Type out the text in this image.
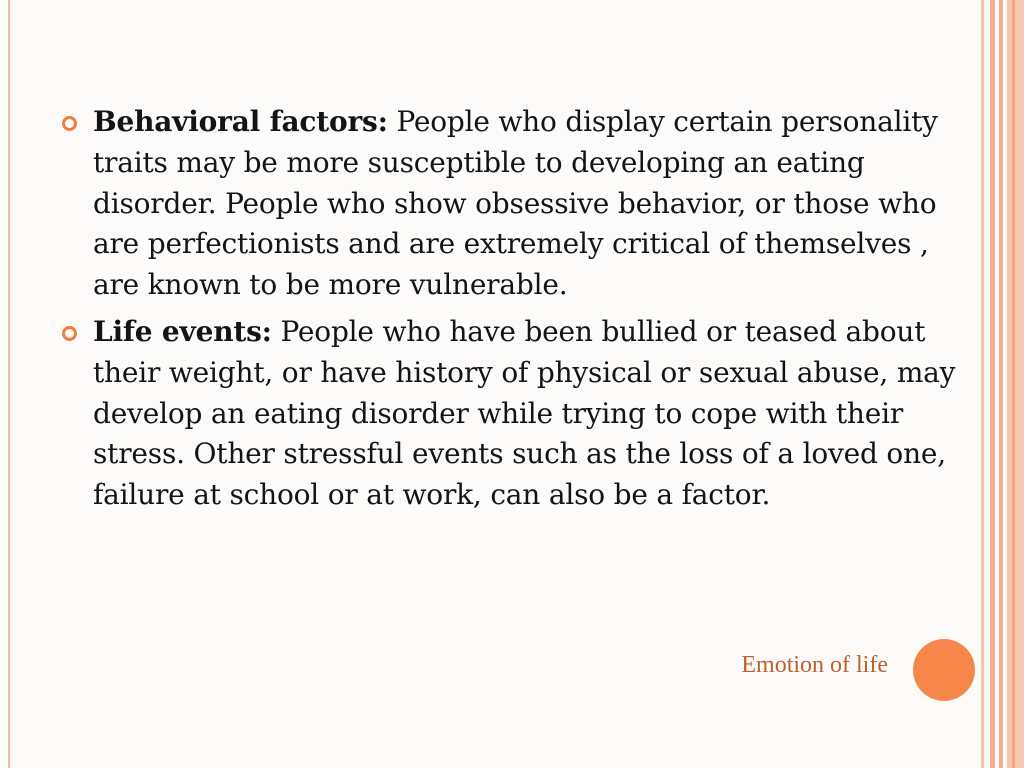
Behavioral factors: People who display certain personality traits may be more susceptible to developing an eating disorder. People who show obsessive behavior, or those who are perfectionists and are extremely critical of themselves , are known to be more vulnerable.
Life events: People who have been bullied or teased about their weight, or have history of physical or sexual abuse, may develop an eating disorder while trying to cope with their stress. Other stressful events such as the loss of a loved one, failure at school or at work, can also be a factor.
Emotion of life
